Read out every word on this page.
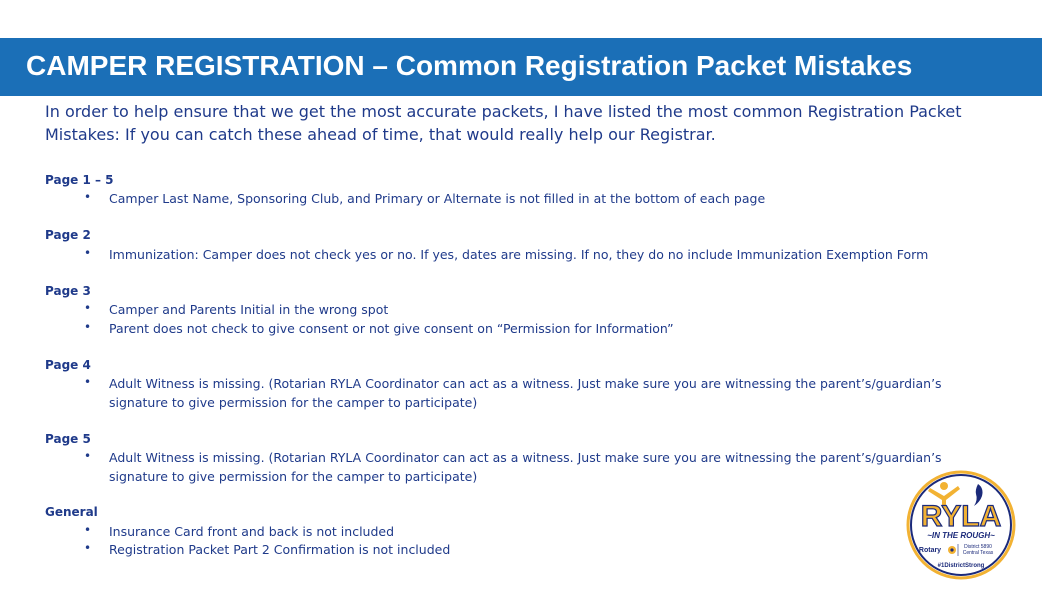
CAMPER REGISTRATION – Common Registration Packet Mistakes
In order to help ensure that we get the most accurate packets, I have listed the most common Registration Packet Mistakes: If you can catch these ahead of time, that would really help our Registrar.
Page 1 – 5
• Camper Last Name, Sponsoring Club, and Primary or Alternate is not filled in at the bottom of each page
Page 2
• Immunization: Camper does not check yes or no. If yes, dates are missing. If no, they do no include Immunization Exemption Form
Page 3
• Camper and Parents Initial in the wrong spot
• Parent does not check to give consent or not give consent on “Permission for Information”
Page 4
• Adult Witness is missing. (Rotarian RYLA Coordinator can act as a witness. Just make sure you are witnessing the parent’s/guardian’s signature to give permission for the camper to participate)
Page 5
• Adult Witness is missing. (Rotarian RYLA Coordinator can act as a witness. Just make sure you are witnessing the parent’s/guardian’s signature to give permission for the camper to participate)
General
• Insurance Card front and back is not included
• Registration Packet Part 2 Confirmation is not included
RYLA
~IN THE ROUGH~
Rotary	District 5890
Central Texas
#1DistrictStrong
